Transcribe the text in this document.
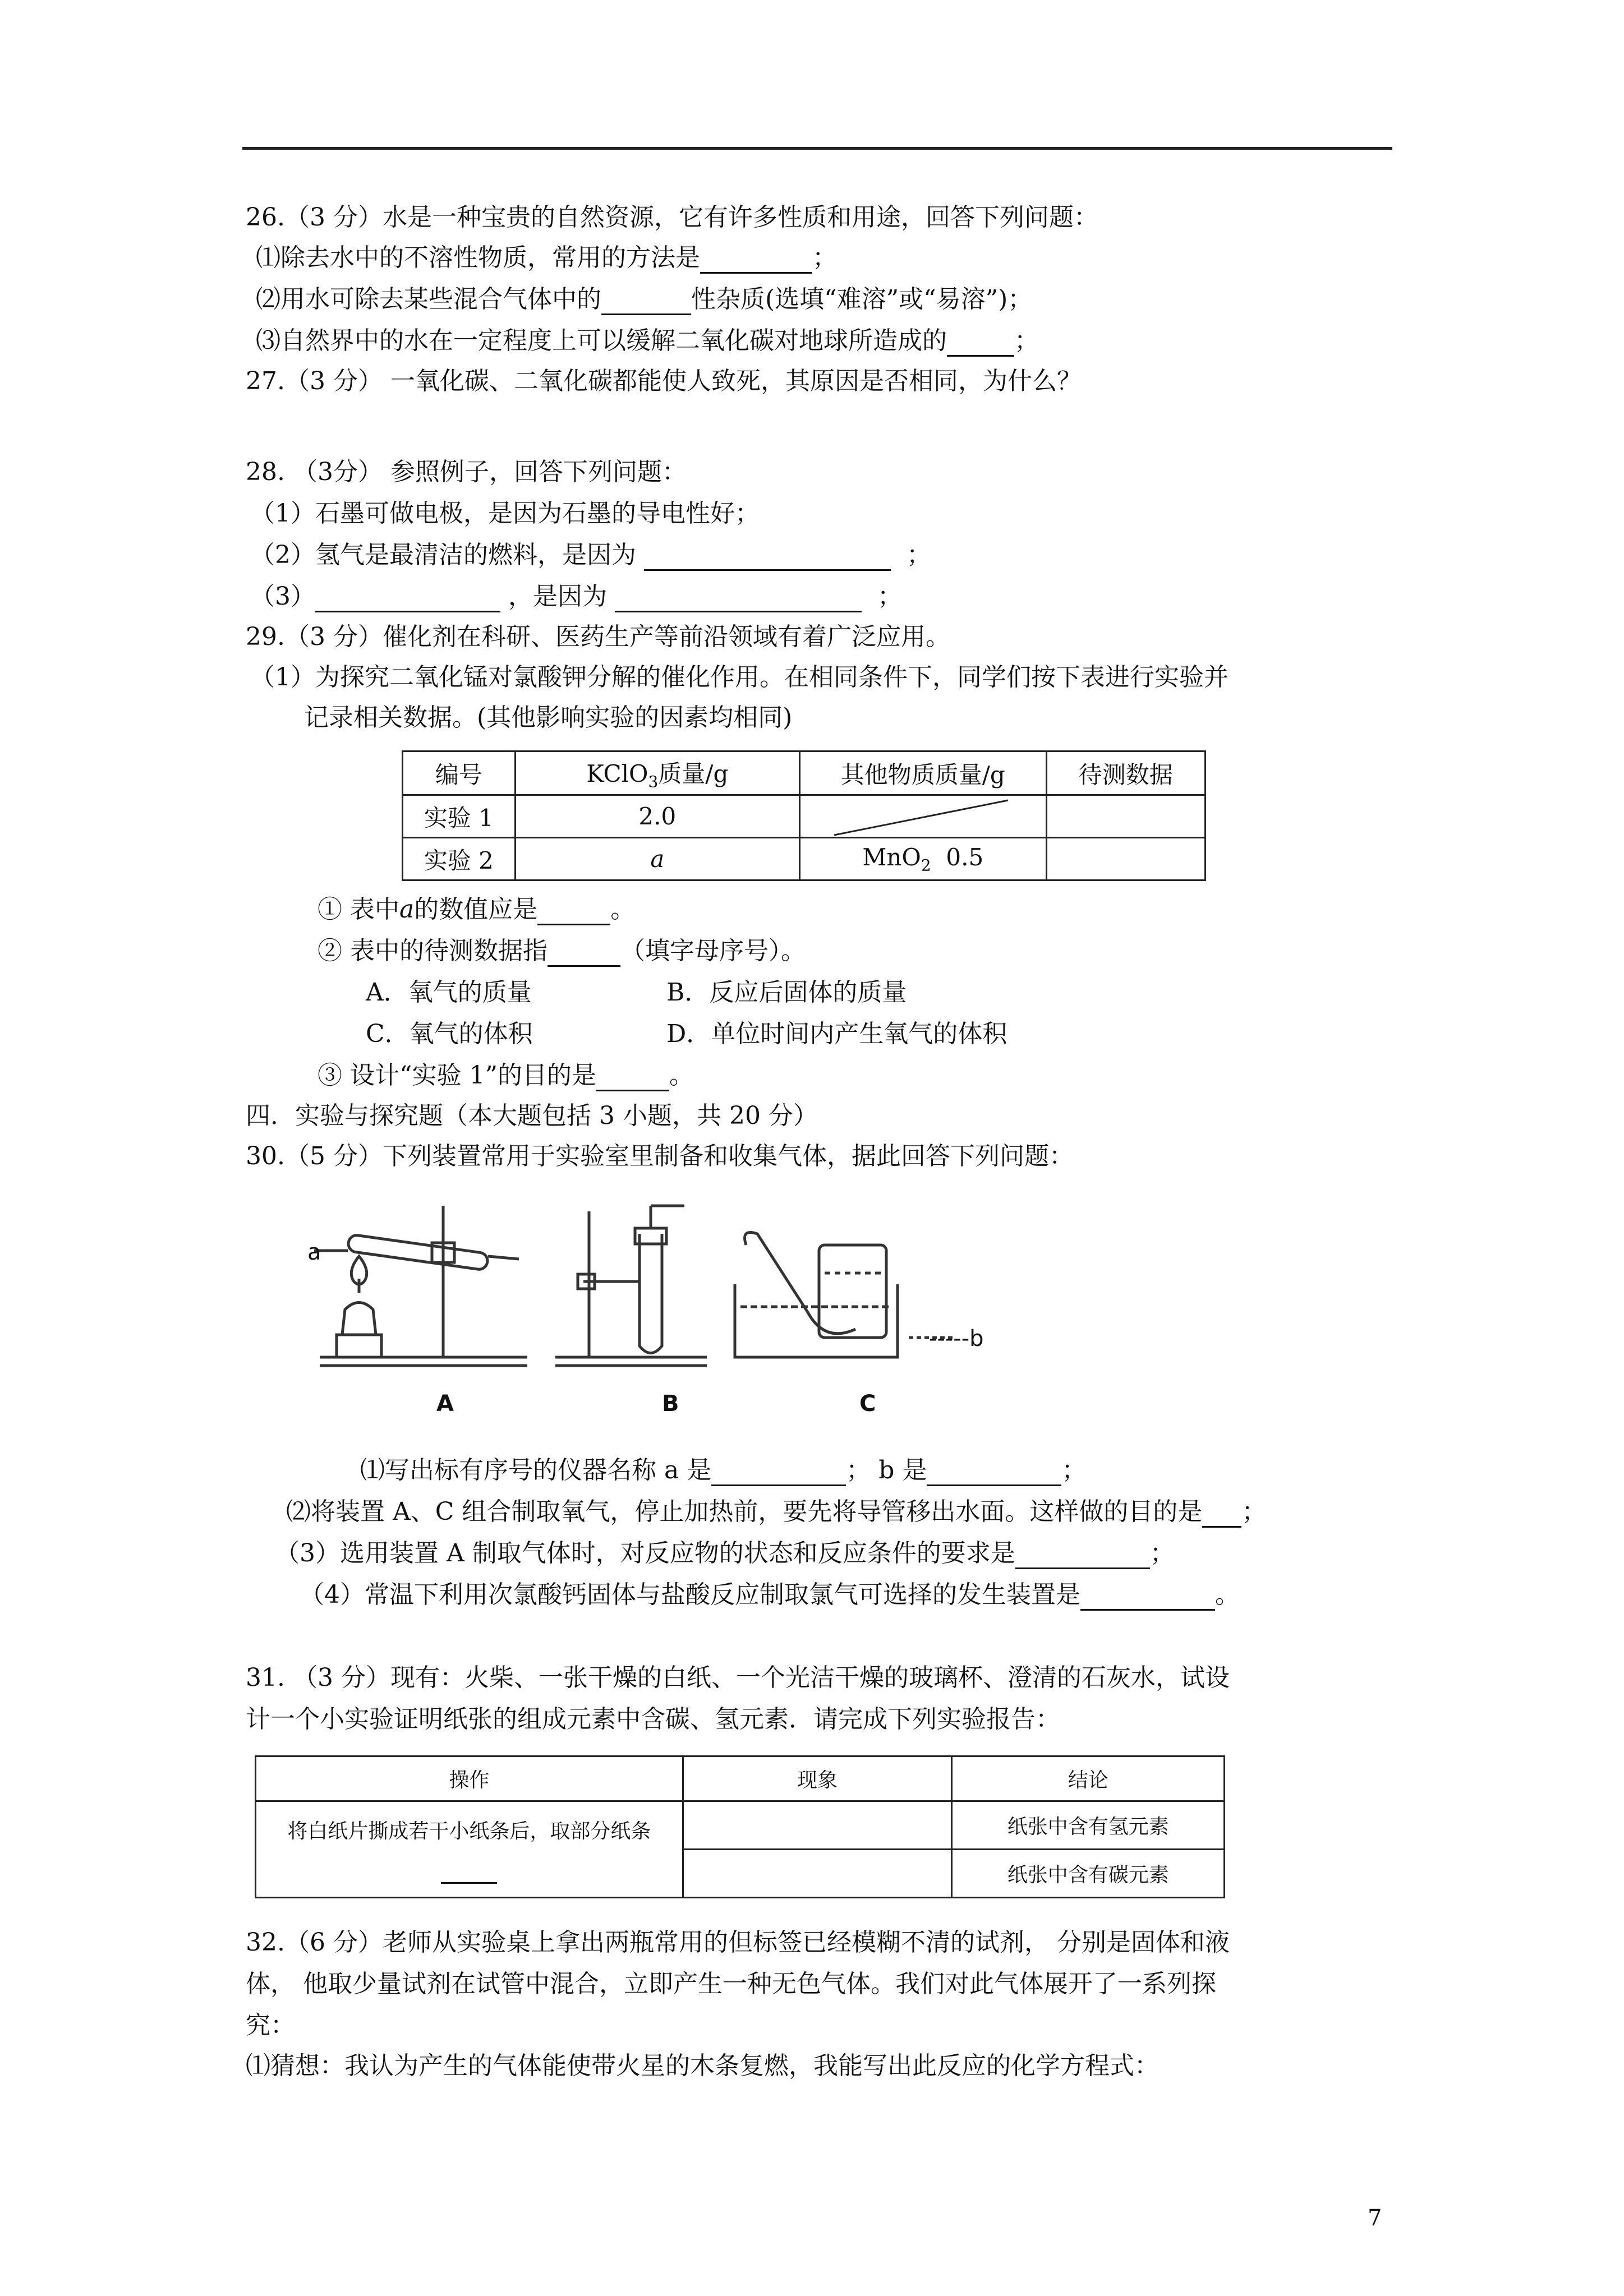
26.（3 分）水是一种宝贵的自然资源，它有许多性质和用途，回答下列问题：
⑴除去水中的不溶性物质，常用的方法是	；
⑵用水可除去某些混合气体中的	性杂质(选填“难溶”或“易溶”)；
⑶自然界中的水在一定程度上可以缓解二氧化碳对地球所造成的	；
27.（3 分） 一氧化碳、二氧化碳都能使人致死，其原因是否相同，为什么？
28. （3分） 参照例子，回答下列问题：
（1）石墨可做电极，是因为石墨的导电性好；
（2）氢气是最清洁的燃料，是因为	；
（3）	，是因为	；
29.（3 分）催化剂在科研、医药生产等前沿领域有着广泛应用。
（1）为探究二氧化锰对氯酸钾分解的催化作用。在相同条件下，同学们按下表进行实验并
记录相关数据。(其他影响实验的因素均相同)
编号	KClO$_3$质量/g	其他物质质量/g	待测数据
实验 1	2.0	

实验 2	a	MnO$_2$ 0.5	
① 表中a的数值应是	。
② 表中的待测数据指	（填字母序号）。
A．氧气的质量	B．反应后固体的质量
C．氧气的体积	D．单位时间内产生氧气的体积
③ 设计“实验 1”的目的是	。
四．实验与探究题（本大题包括 3 小题，共 20 分）
30.（5 分）下列装置常用于实验室里制备和收集气体，据此回答下列问题：
a
-----b
A	B	C
⑴写出标有序号的仪器名称 a 是	； b 是	；
⑵将装置 A、C 组合制取氧气，停止加热前，要先将导管移出水面。这样做的目的是 ；
（3）选用装置 A 制取气体时，对反应物的状态和反应条件的要求是	；
（4）常温下利用次氯酸钙固体与盐酸反应制取氯气可选择的发生装置是	。
31. （3 分）现有：火柴、一张干燥的白纸、一个光洁干燥的玻璃杯、澄清的石灰水，试设
计一个小实验证明纸张的组成元素中含碳、氢元素．请完成下列实验报告：
操作	现象	结论

将白纸片撕成若干小纸条后，取部分纸条		纸张中含有氢元素
		纸张中含有碳元素
32.（6 分）老师从实验桌上拿出两瓶常用的但标签已经模糊不清的试剂， 分别是固体和液
体， 他取少量试剂在试管中混合，立即产生一种无色气体。我们对此气体展开了一系列探
究：
⑴猜想：我认为产生的气体能使带火星的木条复燃，我能写出此反应的化学方程式：
7
